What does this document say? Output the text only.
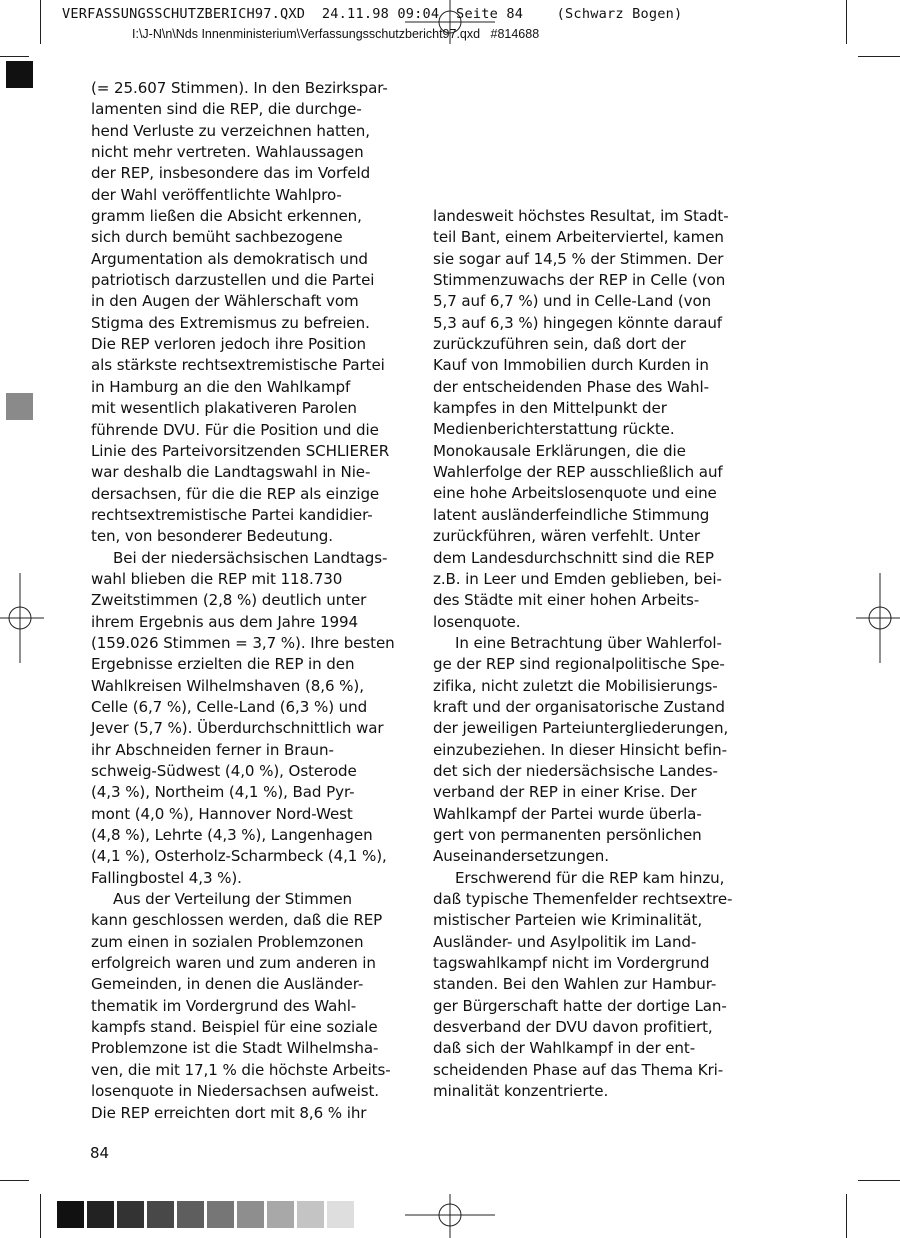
VERFASSUNGSSCHUTZBERICH97.QXD  24.11.98 09:04  Seite 84    (Schwarz Bogen)
I:\J-N\n\Nds Innenministerium\Verfassungsschutzbericht97.qxd   #814688
(= 25.607 Stimmen). In den Bezirkspar-
lamenten sind die REP, die durchge-
hend Verluste zu verzeichnen hatten,
nicht mehr vertreten. Wahlaussagen
der REP, insbesondere das im Vorfeld
der Wahl veröffentlichte Wahlpro-
gramm ließen die Absicht erkennen,
sich durch bemüht sachbezogene
Argumentation als demokratisch und
patriotisch darzustellen und die Partei
in den Augen der Wählerschaft vom
Stigma des Extremismus zu befreien.
Die REP verloren jedoch ihre Position
als stärkste rechtsextremistische Partei
in Hamburg an die den Wahlkampf
mit wesentlich plakativeren Parolen
führende DVU. Für die Position und die
Linie des Parteivorsitzenden SCHLIERER
war deshalb die Landtagswahl in Nie-
dersachsen, für die die REP als einzige
rechtsextremistische Partei kandidier-
ten, von besonderer Bedeutung.
Bei der niedersächsischen Landtags-
wahl blieben die REP mit 118.730
Zweitstimmen (2,8 %) deutlich unter
ihrem Ergebnis aus dem Jahre 1994
(159.026 Stimmen = 3,7 %). Ihre besten
Ergebnisse erzielten die REP in den
Wahlkreisen Wilhelmshaven (8,6 %),
Celle (6,7 %), Celle-Land (6,3 %) und
Jever (5,7 %). Überdurchschnittlich war
ihr Abschneiden ferner in Braun-
schweig-Südwest (4,0 %), Osterode
(4,3 %), Northeim (4,1 %), Bad Pyr-
mont (4,0 %), Hannover Nord-West
(4,8 %), Lehrte (4,3 %), Langenhagen
(4,1 %), Osterholz-Scharmbeck (4,1 %),
Fallingbostel 4,3 %).
Aus der Verteilung der Stimmen
kann geschlossen werden, daß die REP
zum einen in sozialen Problemzonen
erfolgreich waren und zum anderen in
Gemeinden, in denen die Ausländer-
thematik im Vordergrund des Wahl-
kampfs stand. Beispiel für eine soziale
Problemzone ist die Stadt Wilhelmsha-
ven, die mit 17,1 % die höchste Arbeits-
losenquote in Niedersachsen aufweist.
Die REP erreichten dort mit 8,6 % ihr
landesweit höchstes Resultat, im Stadt-
teil Bant, einem Arbeiterviertel, kamen
sie sogar auf 14,5 % der Stimmen. Der
Stimmenzuwachs der REP in Celle (von
5,7 auf 6,7 %) und in Celle-Land (von
5,3 auf 6,3 %) hingegen könnte darauf
zurückzuführen sein, daß dort der
Kauf von Immobilien durch Kurden in
der entscheidenden Phase des Wahl-
kampfes in den Mittelpunkt der
Medienberichterstattung rückte.
Monokausale Erklärungen, die die
Wahlerfolge der REP ausschließlich auf
eine hohe Arbeitslosenquote und eine
latent ausländerfeindliche Stimmung
zurückführen, wären verfehlt. Unter
dem Landesdurchschnitt sind die REP
z.B. in Leer und Emden geblieben, bei-
des Städte mit einer hohen Arbeits-
losenquote.
In eine Betrachtung über Wahlerfol-
ge der REP sind regionalpolitische Spe-
zifika, nicht zuletzt die Mobilisierungs-
kraft und der organisatorische Zustand
der jeweiligen Parteiuntergliederungen,
einzubeziehen. In dieser Hinsicht befin-
det sich der niedersächsische Landes-
verband der REP in einer Krise. Der
Wahlkampf der Partei wurde überla-
gert von permanenten persönlichen
Auseinandersetzungen.
Erschwerend für die REP kam hinzu,
daß typische Themenfelder rechtsextre-
mistischer Parteien wie Kriminalität,
Ausländer- und Asylpolitik im Land-
tagswahlkampf nicht im Vordergrund
standen. Bei den Wahlen zur Hambur-
ger Bürgerschaft hatte der dortige Lan-
desverband der DVU davon profitiert,
daß sich der Wahlkampf in der ent-
scheidenden Phase auf das Thema Kri-
minalität konzentrierte.
84
